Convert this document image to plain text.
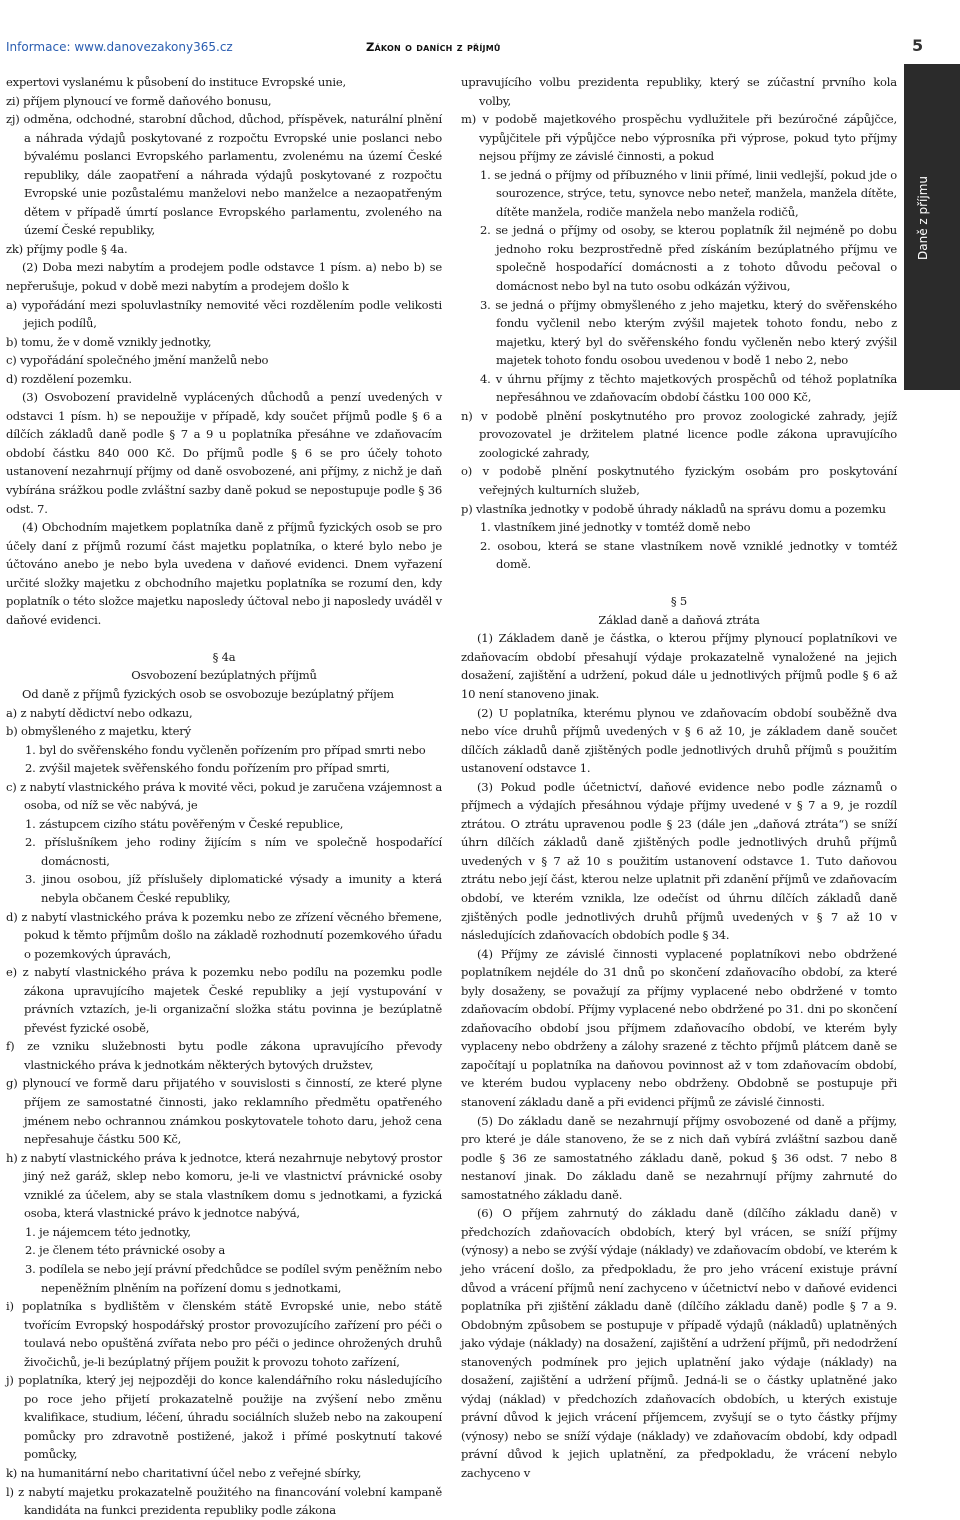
Informace: www.danovezakony365.cz	Zákon o daních z příjmů	5
Daně z příjmu

expertovi vyslanému k působení do instituce Evropské unie,

zi) příjem plynoucí ve formě daňového bonusu,

zj) odměna, odchodné, starobní důchod, důchod, příspěvek, naturální plnění a náhrada výdajů poskytované z rozpočtu Evropské unie poslanci nebo bývalému poslanci Evropského parlamentu, zvolenému na území České republiky, dále zaopatření a náhrada výdajů poskytované z rozpočtu Evropské unie pozůstalému manželovi nebo manželce a nezaopatřeným dětem v případě úmrtí poslance Evropského parlamentu, zvoleného na území České republiky,

zk) příjmy podle § 4a.

(2) Doba mezi nabytím a prodejem podle odstavce 1 písm. a) nebo b) se nepřerušuje, pokud v době mezi nabytím a prodejem došlo k

a) vypořádání mezi spoluvlastníky nemovité věci rozdělením podle velikosti jejich podílů,

b) tomu, že v domě vznikly jednotky,

c) vypořádání společného jmění manželů nebo

d) rozdělení pozemku.

(3) Osvobození pravidelně vyplácených důchodů a penzí uvedených v odstavci 1 písm. h) se nepoužije v případě, kdy součet příjmů podle § 6 a dílčích základů daně podle § 7 a 9 u poplatníka přesáhne ve zdaňovacím období částku 840 000 Kč. Do příjmů podle § 6 se pro účely tohoto ustanovení nezahrnují příjmy od daně osvobozené, ani příjmy, z nichž je daň vybírána srážkou podle zvláštní sazby daně pokud se nepostupuje podle § 36 odst. 7.

(4) Obchodním majetkem poplatníka daně z příjmů fyzických osob se pro účely daní z příjmů rozumí část majetku poplatníka, o které bylo nebo je účtováno anebo je nebo byla uvedena v daňové evidenci. Dnem vyřazení určité složky majetku z obchodního majetku poplatníka se rozumí den, kdy poplatník o této složce majetku naposledy účtoval nebo ji naposledy uváděl v daňové evidenci.

§ 4a

Osvobození bezúplatných příjmů

Od daně z příjmů fyzických osob se osvobozuje bezúplatný příjem

a) z nabytí dědictví nebo odkazu,

b) obmyšleného z majetku, který

1. byl do svěřenského fondu vyčleněn pořízením pro případ smrti nebo

2. zvýšil majetek svěřenského fondu pořízením pro případ smrti,

c) z nabytí vlastnického práva k movité věci, pokud je zaručena vzájemnost a osoba, od níž se věc nabývá, je

1. zástupcem cizího státu pověřeným v České republice,

2. příslušníkem jeho rodiny žijícím s ním ve společně hospodařící domácnosti,

3. jinou osobou, jíž příslušely diplomatické výsady a imunity a která nebyla občanem České republiky,

d) z nabytí vlastnického práva k pozemku nebo ze zřízení věcného břemene, pokud k těmto příjmům došlo na základě rozhodnutí pozemkového úřadu o pozemkových úpravách,

e) z nabytí vlastnického práva k pozemku nebo podílu na pozemku podle zákona upravujícího majetek České republiky a její vystupování v právních vztazích, je-li organizační složka státu povinna je bezúplatně převést fyzické osobě,

f) ze vzniku služebnosti bytu podle zákona upravujícího převody vlastnického práva k jednotkám některých bytových družstev,

g) plynoucí ve formě daru přijatého v souvislosti s činností, ze které plyne příjem ze samostatné činnosti, jako reklamního předmětu opatřeného jménem nebo ochrannou známkou poskytovatele tohoto daru, jehož cena nepřesahuje částku 500 Kč,

h) z nabytí vlastnického práva k jednotce, která nezahrnuje nebytový prostor jiný než garáž, sklep nebo komoru, je-li ve vlastnictví právnické osoby vzniklé za účelem, aby se stala vlastníkem domu s jednotkami, a fyzická osoba, která vlastnické právo k jednotce nabývá,

1. je nájemcem této jednotky,

2. je členem této právnické osoby a

3. podílela se nebo její právní předchůdce se podílel svým peněžním nebo nepeněžním plněním na pořízení domu s jednotkami,

i) poplatníka s bydlištěm v členském státě Evropské unie, nebo státě tvořícím Evropský hospodářský prostor provozujícího zařízení pro péči o toulavá nebo opuštěná zvířata nebo pro péči o jedince ohrožených druhů živočichů, je-li bezúplatný příjem použit k provozu tohoto zařízení,

j) poplatníka, který jej nejpozději do konce kalendářního roku následujícího po roce jeho přijetí prokazatelně použije na zvýšení nebo změnu kvalifikace, studium, léčení, úhradu sociálních služeb nebo na zakoupení pomůcky pro zdravotně postižené, jakož i přímé poskytnutí takové pomůcky,

k) na humanitární nebo charitativní účel nebo z veřejné sbírky,

l) z nabytí majetku prokazatelně použitého na financování volební kampaně kandidáta na funkci prezidenta republiky podle zákona

upravujícího volbu prezidenta republiky, který se zúčastní prvního kola volby,

m) v podobě majetkového prospěchu vydlužitele při bezúročné zápůjčce, vypůjčitele při výpůjčce nebo výprosníka při výprose, pokud tyto příjmy nejsou příjmy ze závislé činnosti, a pokud

1. se jedná o příjmy od příbuzného v linii přímé, linii vedlejší, pokud jde o sourozence, strýce, tetu, synovce nebo neteř, manžela, manžela dítěte, dítěte manžela, rodiče manžela nebo manžela rodičů,

2. se jedná o příjmy od osoby, se kterou poplatník žil nejméně po dobu jednoho roku bezprostředně před získáním bezúplatného příjmu ve společně hospodařící domácnosti a z tohoto důvodu pečoval o domácnost nebo byl na tuto osobu odkázán výživou,

3. se jedná o příjmy obmyšleného z jeho majetku, který do svěřenského fondu vyčlenil nebo kterým zvýšil majetek tohoto fondu, nebo z majetku, který byl do svěřenského fondu vyčleněn nebo který zvýšil majetek tohoto fondu osobou uvedenou v bodě 1 nebo 2, nebo

4. v úhrnu příjmy z těchto majetkových prospěchů od téhož poplatníka nepřesáhnou ve zdaňovacím období částku 100 000 Kč,

n) v podobě plnění poskytnutého pro provoz zoologické zahrady, jejíž provozovatel je držitelem platné licence podle zákona upravujícího zoologické zahrady,

o) v podobě plnění poskytnutého fyzickým osobám pro poskytování veřejných kulturních služeb,

p) vlastníka jednotky v podobě úhrady nákladů na správu domu a pozemku

1. vlastníkem jiné jednotky v tomtéž domě nebo

2. osobou, která se stane vlastníkem nově vzniklé jednotky v tomtéž domě.

§ 5

Základ daně a daňová ztráta

(1) Základem daně je částka, o kterou příjmy plynoucí poplatníkovi ve zdaňovacím období přesahují výdaje prokazatelně vynaložené na jejich dosažení, zajištění a udržení, pokud dále u jednotlivých příjmů podle § 6 až 10 není stanoveno jinak.

(2) U poplatníka, kterému plynou ve zdaňovacím období souběžně dva nebo více druhů příjmů uvedených v § 6 až 10, je základem daně součet dílčích základů daně zjištěných podle jednotlivých druhů příjmů s použitím ustanovení odstavce 1.

(3) Pokud podle účetnictví, daňové evidence nebo podle záznamů o příjmech a výdajích přesáhnou výdaje příjmy uvedené v § 7 a 9, je rozdíl ztrátou. O ztrátu upravenou podle § 23 (dále jen „daňová ztráta“) se sníží úhrn dílčích základů daně zjištěných podle jednotlivých druhů příjmů uvedených v § 7 až 10 s použitím ustanovení odstavce 1. Tuto daňovou ztrátu nebo její část, kterou nelze uplatnit při zdanění příjmů ve zdaňovacím období, ve kterém vznikla, lze odečíst od úhrnu dílčích základů daně zjištěných podle jednotlivých druhů příjmů uvedených v § 7 až 10 v následujících zdaňovacích obdobích podle § 34.

(4) Příjmy ze závislé činnosti vyplacené poplatníkovi nebo obdržené poplatníkem nejdéle do 31 dnů po skončení zdaňovacího období, za které byly dosaženy, se považují za příjmy vyplacené nebo obdržené v tomto zdaňovacím období. Příjmy vyplacené nebo obdržené po 31. dni po skončení zdaňovacího období jsou příjmem zdaňovacího období, ve kterém byly vyplaceny nebo obdrženy a zálohy srazené z těchto příjmů plátcem daně se započítají u poplatníka na daňovou povinnost až v tom zdaňovacím období, ve kterém budou vyplaceny nebo obdrženy. Obdobně se postupuje při stanovení základu daně a při evidenci příjmů ze závislé činnosti.

(5) Do základu daně se nezahrnují příjmy osvobozené od daně a příjmy, pro které je dále stanoveno, že se z nich daň vybírá zvláštní sazbou daně podle § 36 ze samostatného základu daně, pokud § 36 odst. 7 nebo 8 nestanoví jinak. Do základu daně se nezahrnují příjmy zahrnuté do samostatného základu daně.

(6) O příjem zahrnutý do základu daně (dílčího základu daně) v předchozích zdaňovacích obdobích, který byl vrácen, se sníží příjmy (výnosy) a nebo se zvýší výdaje (náklady) ve zdaňovacím období, ve kterém k jeho vrácení došlo, za předpokladu, že pro jeho vrácení existuje právní důvod a vrácení příjmů není zachyceno v účetnictví nebo v daňové evidenci poplatníka při zjištění základu daně (dílčího základu daně) podle § 7 a 9. Obdobným způsobem se postupuje v případě výdajů (nákladů) uplatněných jako výdaje (náklady) na dosažení, zajištění a udržení příjmů, při nedodržení stanovených podmínek pro jejich uplatnění jako výdaje (náklady) na dosažení, zajištění a udržení příjmů. Jedná-li se o částky uplatněné jako výdaj (náklad) v předchozích zdaňovacích obdobích, u kterých existuje právní důvod k jejich vrácení příjemcem, zvyšují se o tyto částky příjmy (výnosy) nebo se sníží výdaje (náklady) ve zdaňovacím období, kdy odpadl právní důvod k jejich uplatnění, za předpokladu, že vrácení nebylo zachyceno v
